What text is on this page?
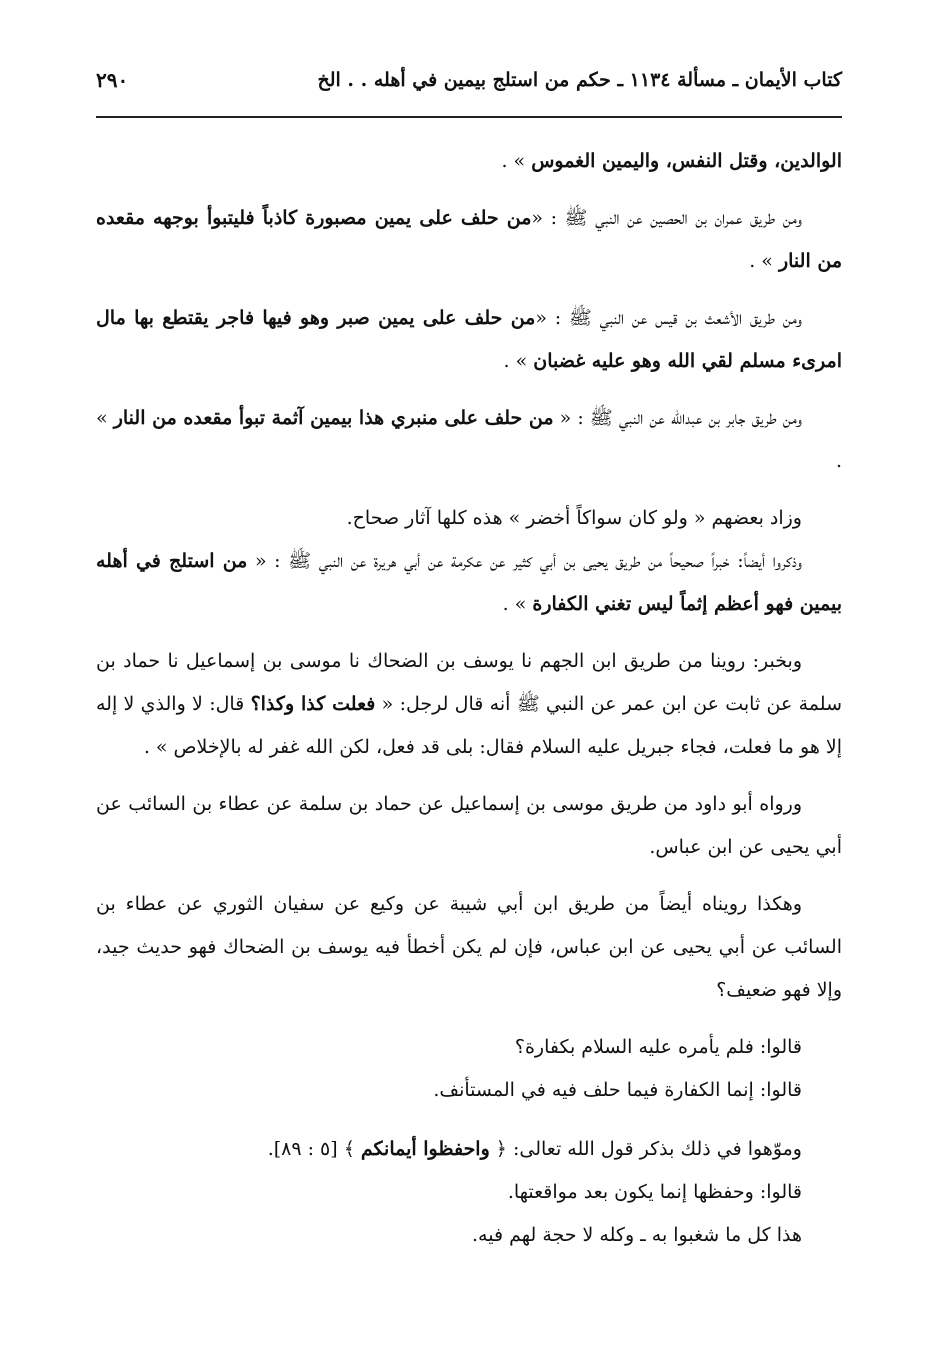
٢٩٠	كتاب الأيمان ـ مسألة ١١٣٤ ـ حكم من استلج بيمين في أهله . . الخ

الوالدين، وقتل النفس، واليمين الغموس » .

ومن طريق عمران بن الحصين عن النبي ﷺ : «من حلف على يمين مصبورة كاذباً فليتبوأ بوجهه مقعده من النار » .

ومن طريق الأشعث بن قيس عن النبي ﷺ : «من حلف على يمين صبر وهو فيها فاجر يقتطع بها مال امرىء مسلم لقي الله وهو عليه غضبان » .

ومن طريق جابر بن عبدالله عن النبي ﷺ : « من حلف على منبري هذا بيمين آثمة تبوأ مقعده من النار » .

وزاد بعضهم « ولو كان سواكاً أخضر » هذه كلها آثار صحاح.

وذكروا أيضاً: خبراً صحيحاً من طريق يحيى بن أبي كثير عن عكرمة عن أبي هريرة عن النبي ﷺ : « من استلج في أهله بيمين فهو أعظم إثماً ليس تغني الكفارة » .

وبخبر: روينا من طريق ابن الجهم نا يوسف بن الضحاك نا موسى بن إسماعيل نا حماد بن سلمة عن ثابت عن ابن عمر عن النبي ﷺ أنه قال لرجل: « فعلت كذا وكذا؟ قال: لا والذي لا إله إلا هو ما فعلت، فجاء جبريل عليه السلام فقال: بلى قد فعل، لكن الله غفر له بالإخلاص » .

ورواه أبو داود من طريق موسى بن إسماعيل عن حماد بن سلمة عن عطاء بن السائب عن أبي يحيى عن ابن عباس.

وهكذا رويناه أيضاً من طريق ابن أبي شيبة عن وكيع عن سفيان الثوري عن عطاء بن السائب عن أبي يحيى عن ابن عباس، فإن لم يكن أخطأ فيه يوسف بن الضحاك فهو حديث جيد، وإلا فهو ضعيف؟

قالوا: فلم يأمره عليه السلام بكفارة؟
قالوا: إنما الكفارة فيما حلف فيه في المستأنف.
وموّهوا في ذلك بذكر قول الله تعالى: ﴿ واحفظوا أيمانكم ﴾ [٥ : ٨٩].
قالوا: وحفظها إنما يكون بعد مواقعتها.
هذا كل ما شغبوا به ـ وكله لا حجة لهم فيه.
